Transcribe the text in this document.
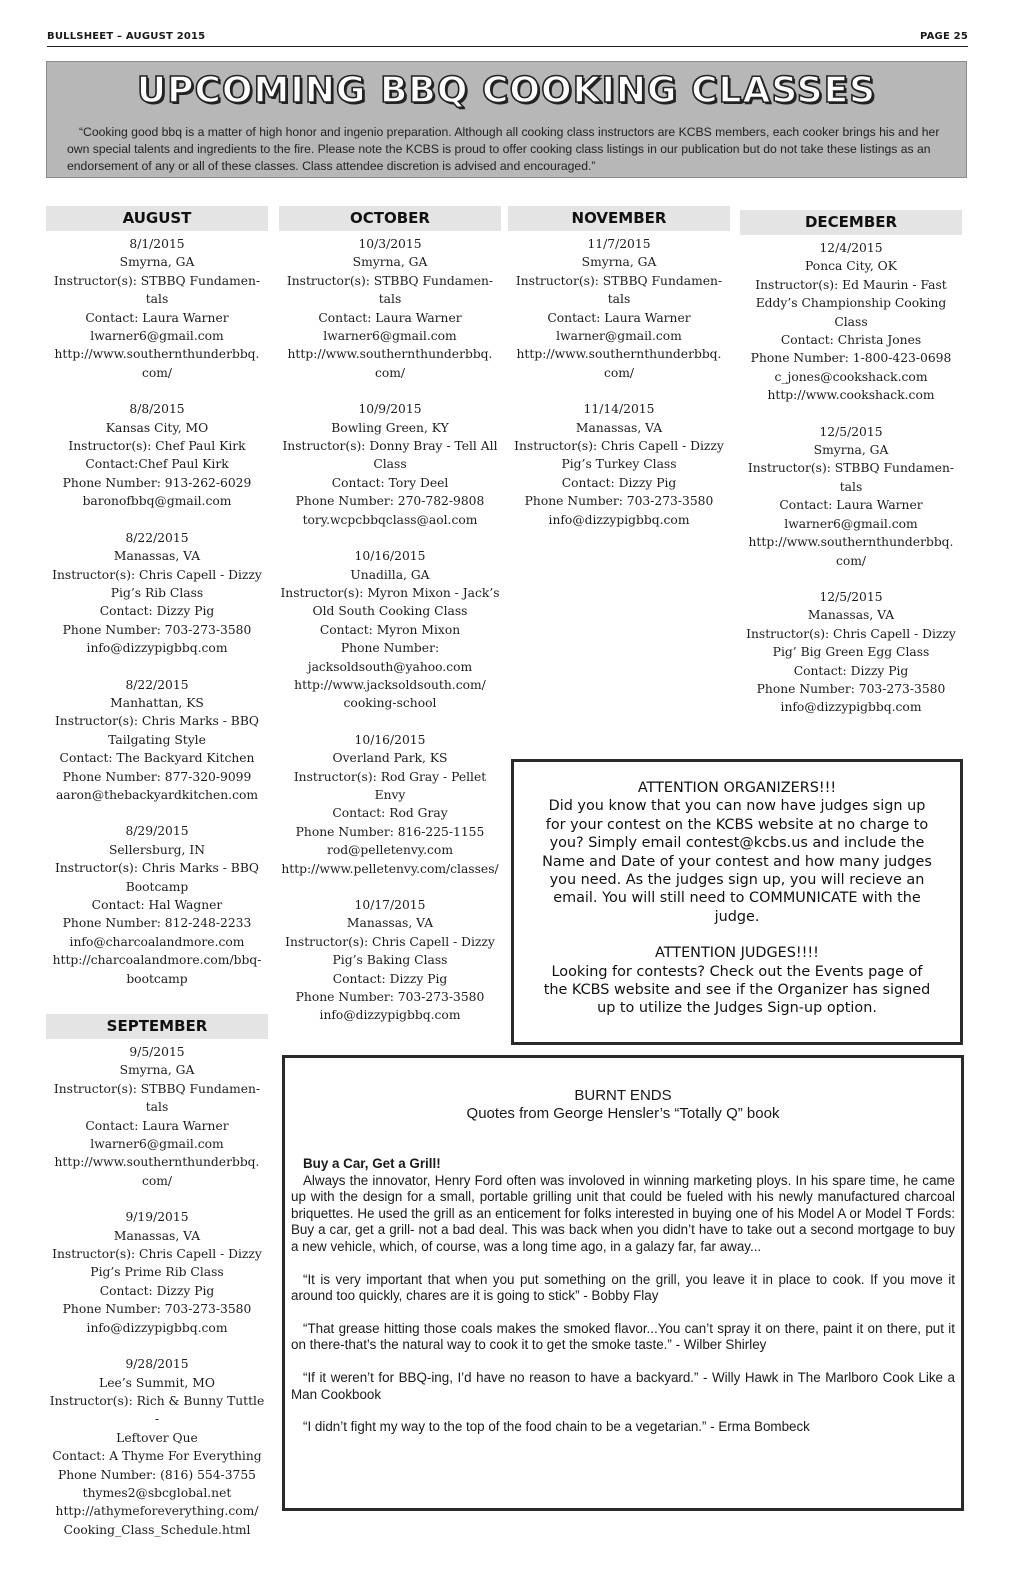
BULLSHEET – AUGUST 2015	PAGE 25
UPCOMING BBQ COOKING CLASSES
“Cooking good bbq is a matter of high honor and ingenio preparation. Although all cooking class instructors are KCBS members, each cooker brings his and her own special talents and ingredients to the fire. Please note the KCBS is proud to offer cooking class listings in our publication but do not take these listings as an endorsement of any or all of these classes. Class attendee discretion is advised and encouraged.”
AUGUST
8/1/2015
Smyrna, GA
Instructor(s): STBBQ Fundamen-
tals
Contact: Laura Warner
lwarner6@gmail.com
http://www.southernthunderbbq.
com/
8/8/2015
Kansas City, MO
Instructor(s): Chef Paul Kirk
Contact:Chef Paul Kirk
Phone Number: 913-262-6029
baronofbbq@gmail.com
8/22/2015
Manassas, VA
Instructor(s): Chris Capell - Dizzy
Pig’s Rib Class
Contact: Dizzy Pig
Phone Number: 703-273-3580
info@dizzypigbbq.com
8/22/2015
Manhattan, KS
Instructor(s): Chris Marks - BBQ
Tailgating Style
Contact: The Backyard Kitchen
Phone Number: 877-320-9099
aaron@thebackyardkitchen.com
8/29/2015
Sellersburg, IN
Instructor(s): Chris Marks - BBQ
Bootcamp
Contact: Hal Wagner
Phone Number: 812-248-2233
info@charcoalandmore.com
http://charcoalandmore.com/bbq-
bootcamp
SEPTEMBER
9/5/2015
Smyrna, GA
Instructor(s): STBBQ Fundamen-
tals
Contact: Laura Warner
lwarner6@gmail.com
http://www.southernthunderbbq.
com/
9/19/2015
Manassas, VA
Instructor(s): Chris Capell - Dizzy
Pig’s Prime Rib Class
Contact: Dizzy Pig
Phone Number: 703-273-3580
info@dizzypigbbq.com
9/28/2015
Lee’s Summit, MO
Instructor(s): Rich & Bunny Tuttle -
Leftover Que
Contact: A Thyme For Everything
Phone Number: (816) 554-3755
thymes2@sbcglobal.net
http://athymeforeverything.com/
Cooking_Class_Schedule.html
OCTOBER
10/3/2015
Smyrna, GA
Instructor(s): STBBQ Fundamen-
tals
Contact: Laura Warner
lwarner6@gmail.com
http://www.southernthunderbbq.
com/
10/9/2015
Bowling Green, KY
Instructor(s): Donny Bray - Tell All
Class
Contact: Tory Deel
Phone Number: 270-782-9808
tory.wcpcbbqclass@aol.com
10/16/2015
Unadilla, GA
Instructor(s): Myron Mixon - Jack’s
Old South Cooking Class
Contact: Myron Mixon
Phone Number:
jacksoldsouth@yahoo.com
http://www.jacksoldsouth.com/
cooking-school
10/16/2015
Overland Park, KS
Instructor(s): Rod Gray - Pellet
Envy
Contact: Rod Gray
Phone Number: 816-225-1155
rod@pelletenvy.com
http://www.pelletenvy.com/classes/
10/17/2015
Manassas, VA
Instructor(s): Chris Capell - Dizzy
Pig’s Baking Class
Contact: Dizzy Pig
Phone Number: 703-273-3580
info@dizzypigbbq.com
NOVEMBER
11/7/2015
Smyrna, GA
Instructor(s): STBBQ Fundamen-
tals
Contact: Laura Warner
lwarner@gmail.com
http://www.southernthunderbbq.
com/
11/14/2015
Manassas, VA
Instructor(s): Chris Capell - Dizzy
Pig’s Turkey Class
Contact: Dizzy Pig
Phone Number: 703-273-3580
info@dizzypigbbq.com
DECEMBER
12/4/2015
Ponca City, OK
Instructor(s): Ed Maurin - Fast
Eddy’s Championship Cooking
Class
Contact: Christa Jones
Phone Number: 1-800-423-0698
c_jones@cookshack.com
http://www.cookshack.com
12/5/2015
Smyrna, GA
Instructor(s): STBBQ Fundamen-
tals
Contact: Laura Warner
lwarner6@gmail.com
http://www.southernthunderbbq.
com/
12/5/2015
Manassas, VA
Instructor(s): Chris Capell - Dizzy
Pig’ Big Green Egg Class
Contact: Dizzy Pig
Phone Number: 703-273-3580
info@dizzypigbbq.com
ATTENTION ORGANIZERS!!!
Did you know that you can now have judges sign up
for your contest on the KCBS website at no charge to
you? Simply email contest@kcbs.us and include the
Name and Date of your contest and how many judges
you need. As the judges sign up, you will recieve an
email. You will still need to COMMUNICATE with the
judge.
ATTENTION JUDGES!!!!
Looking for contests? Check out the Events page of
the KCBS website and see if the Organizer has signed
up to utilize the Judges Sign-up option.
BURNT ENDS
Quotes from George Hensler’s “Totally Q” book
Buy a Car, Get a Grill!

Always the innovator, Henry Ford often was involoved in winning marketing ploys. In his spare time, he came up with the design for a small, portable grilling unit that could be fueled with his newly manufactured charcoal briquettes. He used the grill as an enticement for folks interested in buying one of his Model A or Model T Fords: Buy a car, get a grill- not a bad deal. This was back when you didn’t have to take out a second mortgage to buy a new vehicle, which, of course, was a long time ago, in a galazy far, far away...

“It is very important that when you put something on the grill, you leave it in place to cook. If you move it around too quickly, chares are it is going to stick” - Bobby Flay

“That grease hitting those coals makes the smoked flavor...You can’t spray it on there, paint it on there, put it on there-that’s the natural way to cook it to get the smoke taste.” - Wilber Shirley

“If it weren’t for BBQ-ing, I’d have no reason to have a backyard.” - Willy Hawk in The Marlboro Cook Like a Man Cookbook

“I didn’t fight my way to the top of the food chain to be a vegetarian.” - Erma Bombeck
